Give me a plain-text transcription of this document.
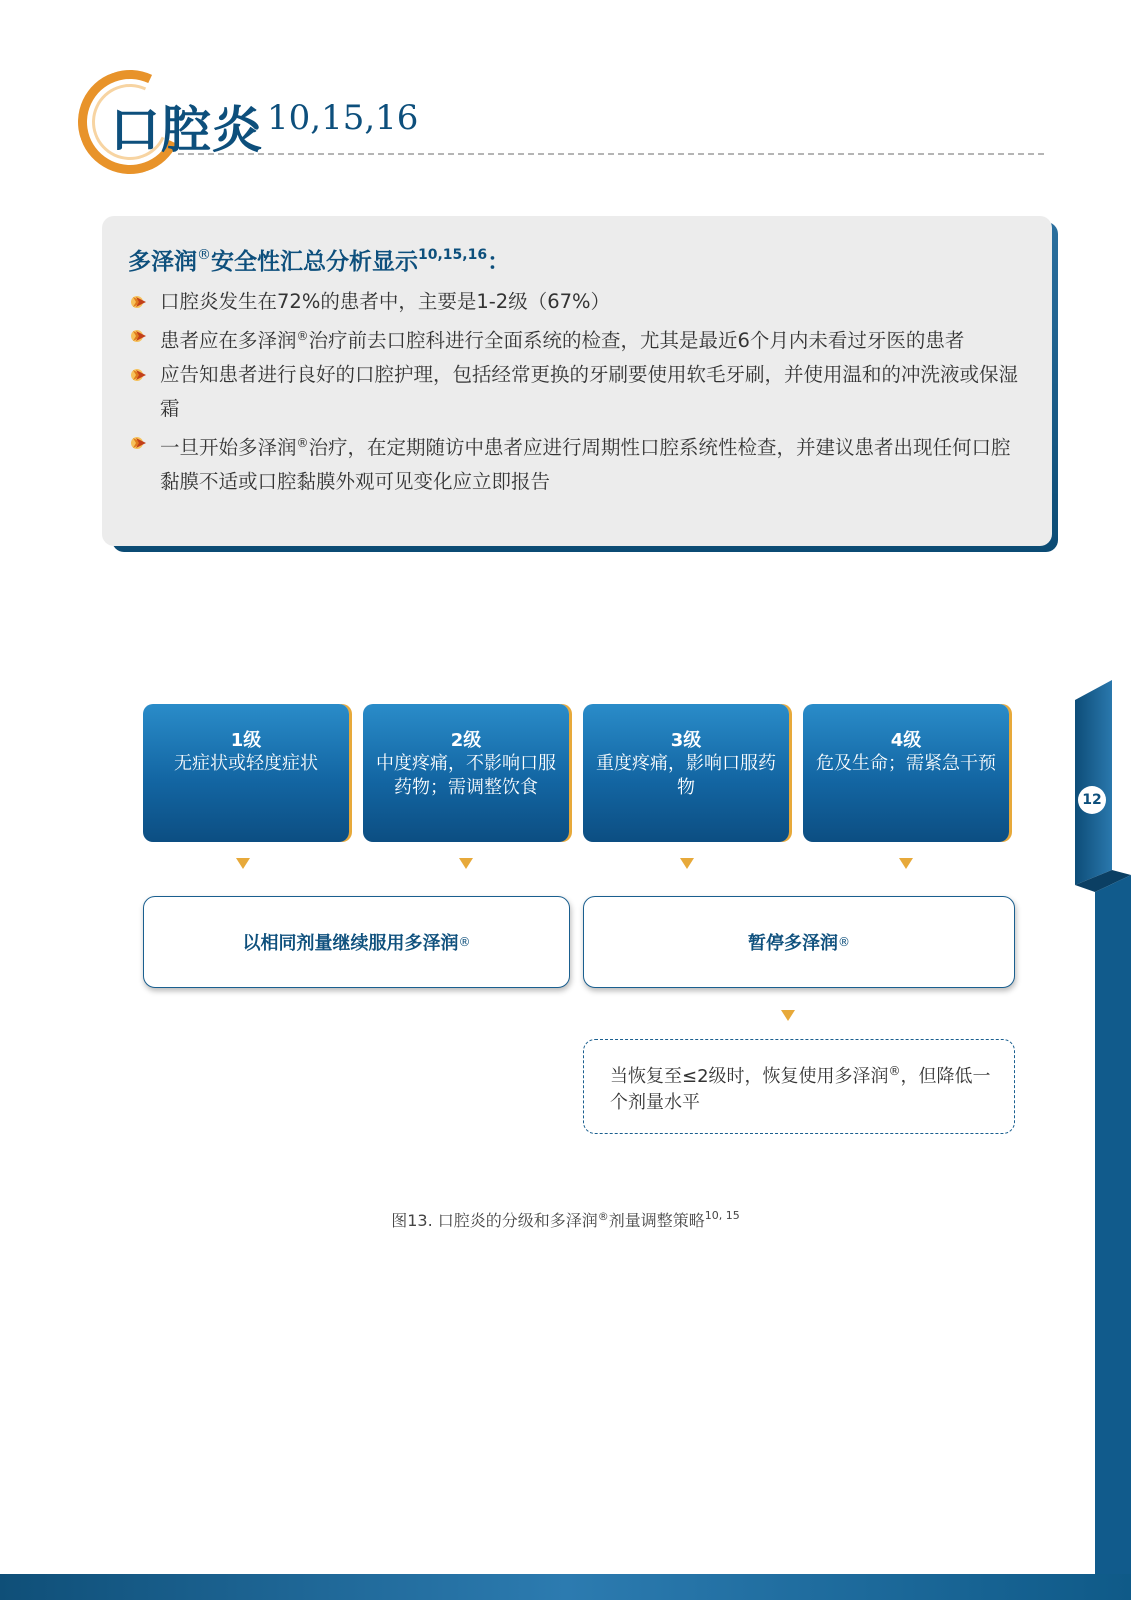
口腔炎 $^{10,15,16}$
多泽润®安全性汇总分析显示$^{10,15,16}$：
口腔炎发生在72%的患者中，主要是1-2级（67%）
患者应在多泽润®治疗前去口腔科进行全面系统的检查，尤其是最近6个月内未看过牙医的患者
应告知患者进行良好的口腔护理，包括经常更换的牙刷要使用软毛牙刷，并使用温和的冲洗液或保湿霜
一旦开始多泽润®治疗，在定期随访中患者应进行周期性口腔系统性检查，并建议患者出现任何口腔黏膜不适或口腔黏膜外观可见变化应立即报告
1级
无症状或轻度症状
2级
中度疼痛，不影响口服药物；需调整饮食
3级
重度疼痛，影响口服药物
4级
危及生命；需紧急干预
以相同剂量继续服用多泽润 ®	暂停多泽润 ®
当恢复至≤2级时，恢复使用多泽润®，但降低一个剂量水平
图13. 口腔炎的分级和多泽润®剂量调整策略$^{10, 15}$
12
